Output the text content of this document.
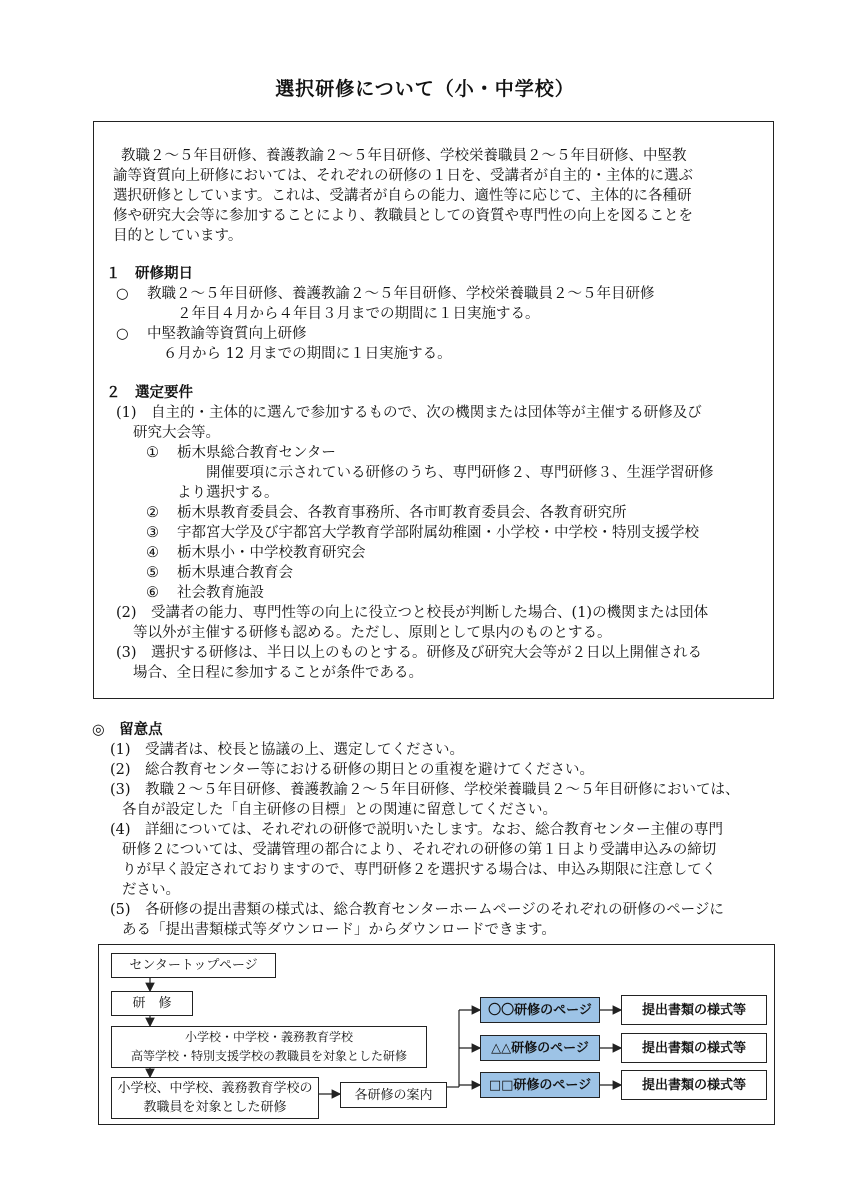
選択研修について（小・中学校）
教職２～５年目研修、養護教諭２～５年目研修、学校栄養職員２～５年目研修、中堅教
諭等資質向上研修においては、それぞれの研修の１日を、受講者が自主的・主体的に選ぶ
選択研修としています。これは、受講者が自らの能力、適性等に応じて、主体的に各種研
修や研究大会等に参加することにより、教職員としての資質や専門性の向上を図ることを
目的としています。
１　研修期日
○ 教職２～５年目研修、養護教諭２～５年目研修、学校栄養職員２～５年目研修
２年目４月から４年目３月までの期間に１日実施する。
○ 中堅教諭等資質向上研修
６月から 12 月までの期間に１日実施する。
２　選定要件
(1)　自主的・主体的に選んで参加するもので、次の機関または団体等が主催する研修及び
研究大会等。
① 栃木県総合教育センター
開催要項に示されている研修のうち、専門研修２、専門研修３、生涯学習研修
より選択する。
② 栃木県教育委員会、各教育事務所、各市町教育委員会、各教育研究所
③ 宇都宮大学及び宇都宮大学教育学部附属幼稚園・小学校・中学校・特別支援学校
④ 栃木県小・中学校教育研究会
⑤ 栃木県連合教育会
⑥ 社会教育施設
(2)　受講者の能力、専門性等の向上に役立つと校長が判断した場合、(1)の機関または団体
等以外が主催する研修も認める。ただし、原則として県内のものとする。
(3)　選択する研修は、半日以上のものとする。研修及び研究大会等が２日以上開催される
場合、全日程に参加することが条件である。
◎　留意点
(1)　受講者は、校長と協議の上、選定してください。
(2)　総合教育センター等における研修の期日との重複を避けてください。
(3)　教職２～５年目研修、養護教諭２～５年目研修、学校栄養職員２～５年目研修においては、
各自が設定した「自主研修の目標」との関連に留意してください。
(4)　詳細については、それぞれの研修で説明いたします。なお、総合教育センター主催の専門
研修２については、受講管理の都合により、それぞれの研修の第１日より受講申込みの締切
りが早く設定されておりますので、専門研修２を選択する場合は、申込み期限に注意してく
ださい。
(5)　各研修の提出書類の様式は、総合教育センターホームページのそれぞれの研修のページに
ある「提出書類様式等ダウンロード」からダウンロードできます。
センタートップページ
研　修
小学校・中学校・義務教育学校
高等学校・特別支援学校の教職員を対象とした研修
小学校、中学校、義務教育学校の
教職員を対象とした研修
各研修の案内
〇〇研修のページ
△△研修のページ
□□研修のページ
提出書類の様式等
提出書類の様式等
提出書類の様式等
